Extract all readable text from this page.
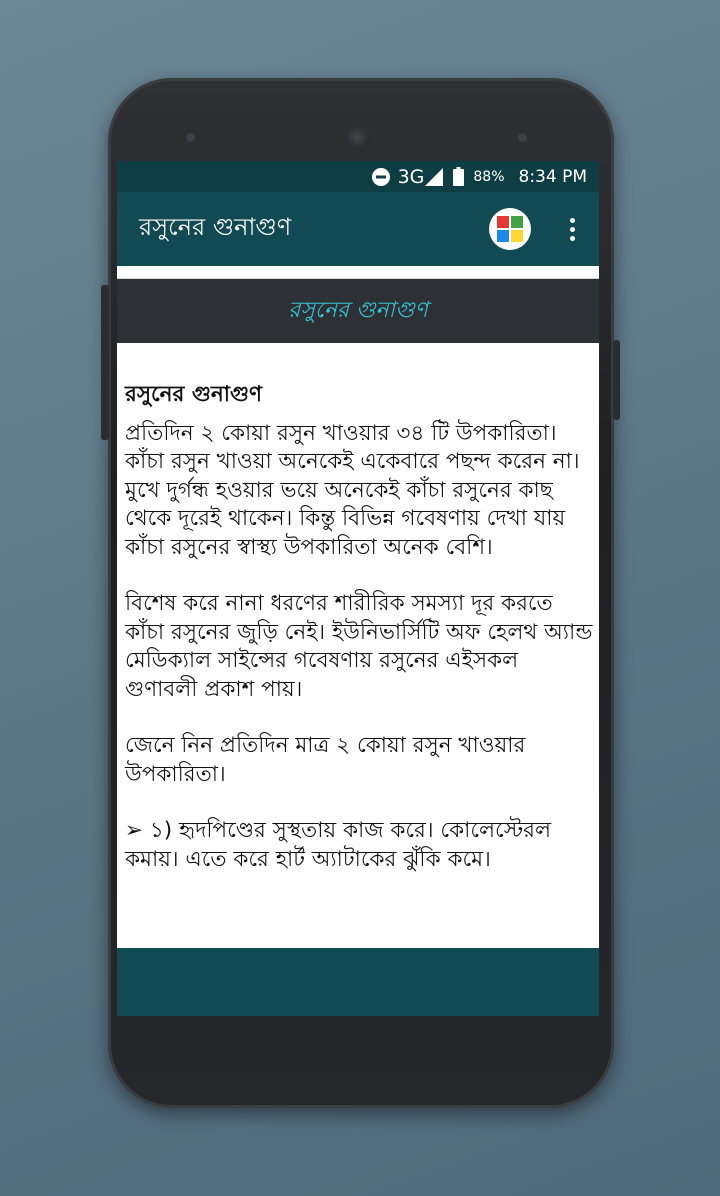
3G	88% 8:34 PM
রসুনের গুনাগুণ
রসুনের গুনাগুণ
রসুনের গুনাগুণ

প্রতিদিন ২ কোয়া রসুন খাওয়ার ৩৪ টি উপকারিতা। কাঁচা রসুন খাওয়া অনেকেই একেবারে পছন্দ করেন না। মুখে দুর্গন্ধ হওয়ার ভয়ে অনেকেই কাঁচা রসুনের কাছ থেকে দূরেই থাকেন। কিন্তু বিভিন্ন গবেষণায় দেখা যায় কাঁচা রসুনের স্বাস্থ্য উপকারিতা অনেক বেশি।

বিশেষ করে নানা ধরণের শারীরিক সমস্যা দূর করতে কাঁচা রসুনের জুড়ি নেই। ইউনিভার্সিটি অফ হেলথ অ্যান্ড মেডিক্যাল সাইন্সের গবেষণায় রসুনের এইসকল গুণাবলী প্রকাশ পায়।

জেনে নিন প্রতিদিন মাত্র ২ কোয়া রসুন খাওয়ার উপকারিতা।

➢ ১) হৃদপিণ্ডের সুস্থতায় কাজ করে। কোলেস্টেরল কমায়। এতে করে হার্ট অ্যাটাকের ঝুঁকি কমে।
